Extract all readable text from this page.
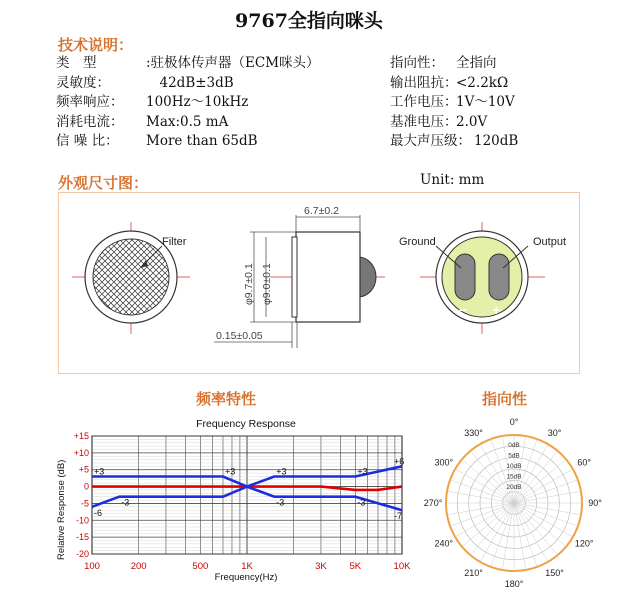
9767全指向咪头
技术说明：
类　型	:驻极体传声器（ECM咪头）
灵敏度：	　42dB±3dB
频率响应： 100Hz～10kHz
消耗电流： Max:0.5 mA
信 噪 比： More than 65dB
指向性： 全指向
输出阻抗：<2.2kΩ
工作电压：1V～10V
基准电压：2.0V
最大声压级： 120dB
外观尺寸图：	Unit: mm
Filter
6.7±0.2
φ9.7±0.1 φ9.0±0.1
0.15±0.05
Ground	Output
− +
频率特性	指向性
Frequency Response
+15
+10
+5
0
-5
-10
-15
-20
100	200	500	1K	3K 5K	10K
+3
-3
-6
+3	+3
-3
+3
-3
+6
-7
Relative Response (dB)
Frequency(Hz)
0°
30°
60°
90°
120°
150°
180°
210°
240°
270°
300°
330°
0dB
5dB
10dB
15dB
20dB
